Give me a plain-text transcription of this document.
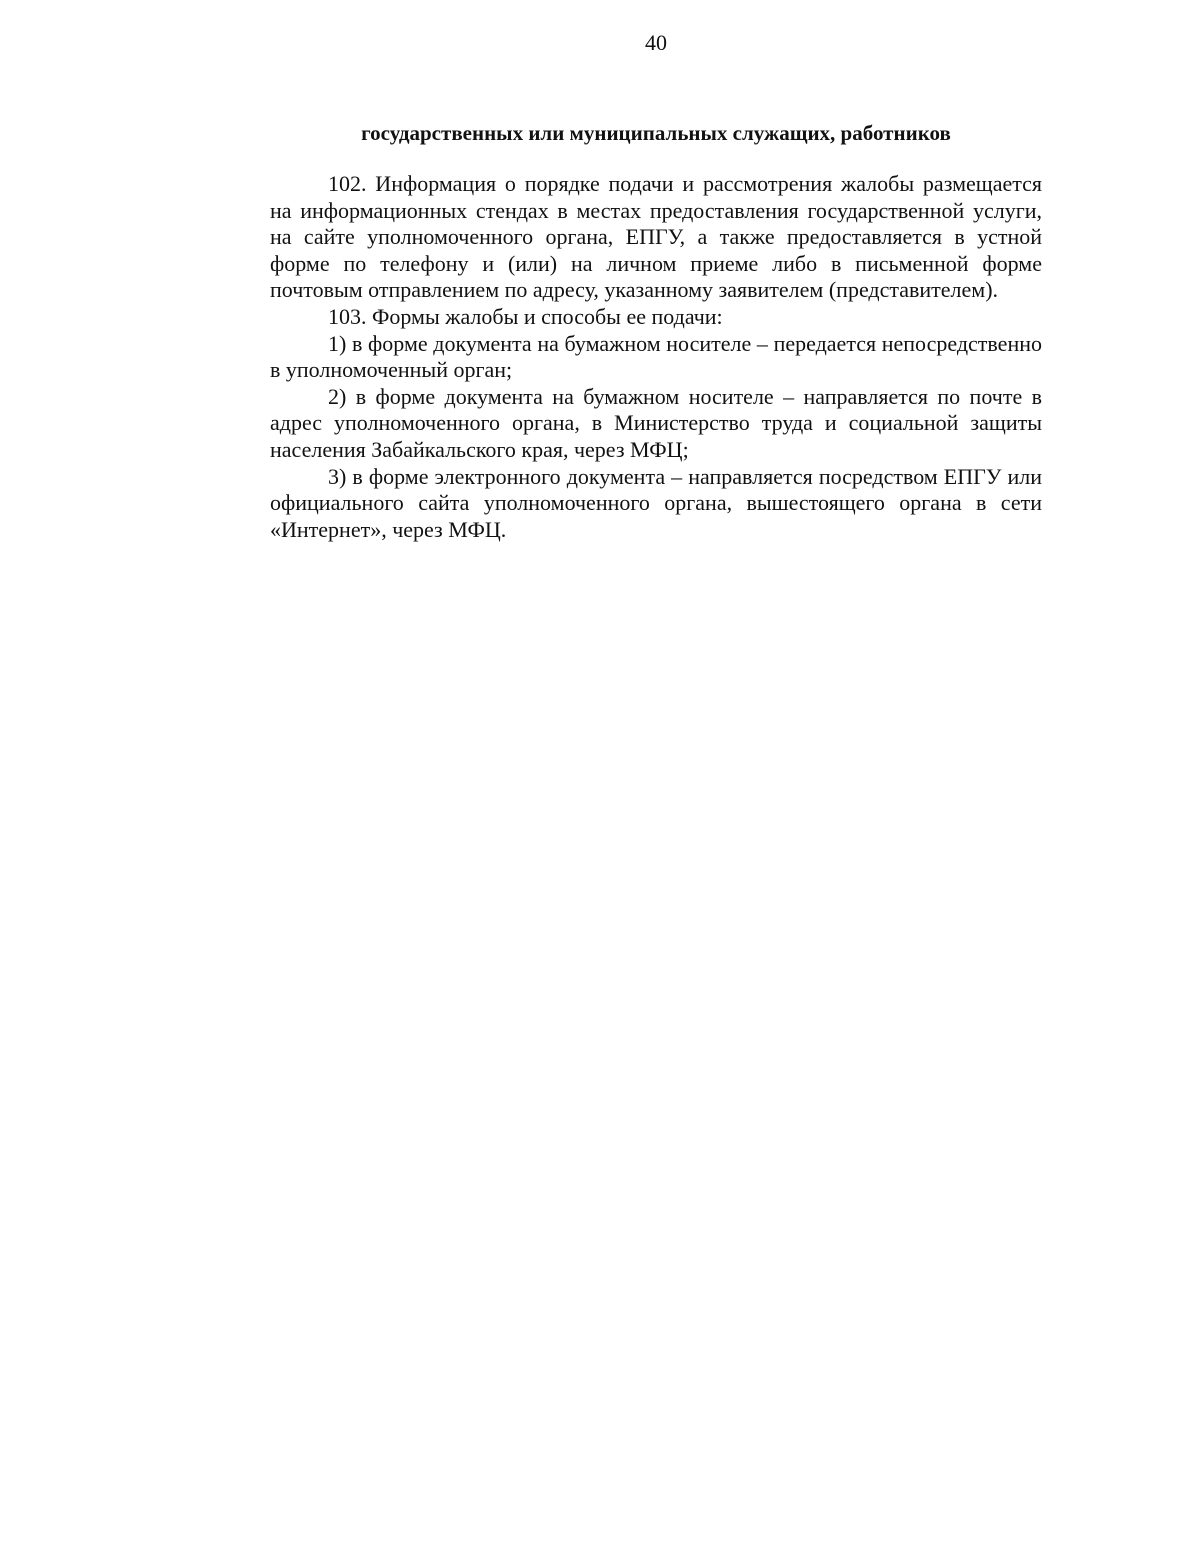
40

государственных или муниципальных служащих, работников

102. Информация о порядке подачи и рассмотрения жалобы размещается на информационных стендах в местах предоставления государственной услуги, на сайте уполномоченного органа, ЕПГУ, а также предоставляется в устной форме по телефону и (или) на личном приеме либо в письменной форме почтовым отправлением по адресу, указанному заявителем (представителем).

103. Формы жалобы и способы ее подачи:

1) в форме документа на бумажном носителе – передается непосредственно в уполномоченный орган;

2) в форме документа на бумажном носителе – направляется по почте в адрес уполномоченного органа, в Министерство труда и социальной защиты населения Забайкальского края, через МФЦ;

3) в форме электронного документа – направляется посредством ЕПГУ или официального сайта уполномоченного органа, вышестоящего органа в сети «Интернет», через МФЦ.
